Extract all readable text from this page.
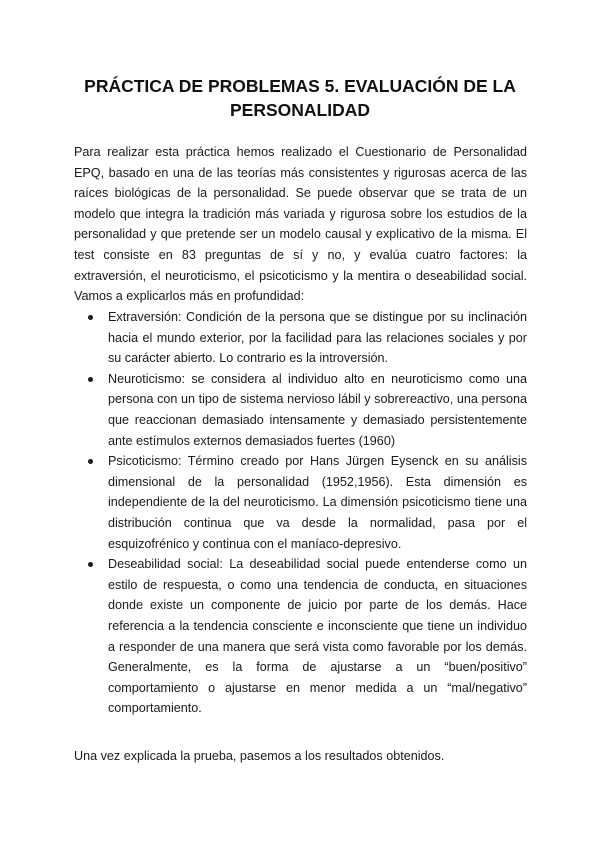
PRÁCTICA DE PROBLEMAS 5. EVALUACIÓN DE LA PERSONALIDAD

Para realizar esta práctica hemos realizado el Cuestionario de Personalidad EPQ, basado en una de las teorías más consistentes y rigurosas acerca de las raíces biológicas de la personalidad. Se puede observar que se trata de un modelo que integra la tradición más variada y rigurosa sobre los estudios de la personalidad y que pretende ser un modelo causal y explicativo de la misma. El test consiste en 83 preguntas de sí y no, y evalúa cuatro factores: la extraversión, el neuroticismo, el psicoticismo y la mentira o deseabilidad social. Vamos a explicarlos más en profundidad:

Extraversión: Condición de la persona que se distingue por su inclinación hacia el mundo exterior, por la facilidad para las relaciones sociales y por su carácter abierto. Lo contrario es la introversión.
Neuroticismo: se considera al individuo alto en neuroticismo como una persona con un tipo de sistema nervioso lábil y sobrereactivo, una persona que reaccionan demasiado intensamente y demasiado persistentemente ante estímulos externos demasiados fuertes (1960)
Psicoticismo: Término creado por Hans Jürgen Eysenck en su análisis dimensional de la personalidad (1952,1956). Esta dimensión es independiente de la del neuroticismo. La dimensión psicoticismo tiene una distribución continua que va desde la normalidad, pasa por el esquizofrénico y continua con el maníaco-depresivo.
Deseabilidad social: La deseabilidad social puede entenderse como un estilo de respuesta, o como una tendencia de conducta, en situaciones donde existe un componente de juicio por parte de los demás. Hace referencia a la tendencia consciente e inconsciente que tiene un individuo a responder de una manera que será vista como favorable por los demás. Generalmente, es la forma de ajustarse a un “buen/positivo” comportamiento o ajustarse en menor medida a un “mal/negativo” comportamiento.

Una vez explicada la prueba, pasemos a los resultados obtenidos.
